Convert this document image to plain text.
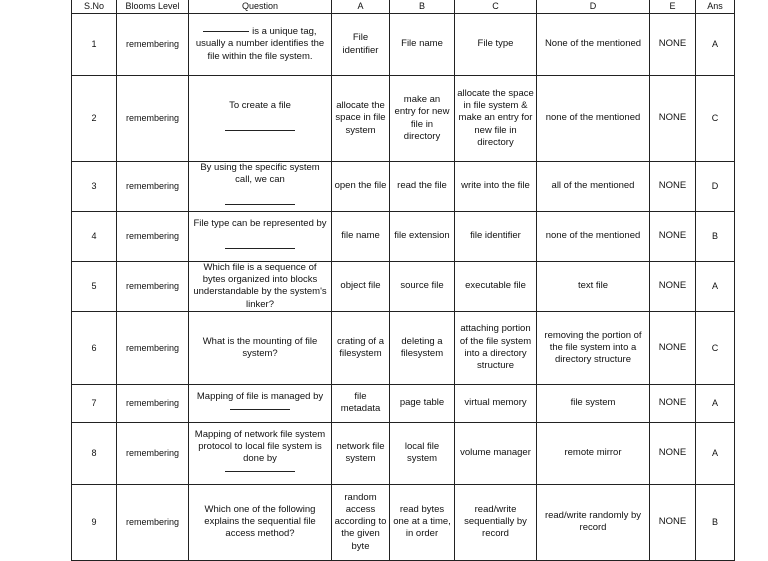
S.No	Blooms Level	Question	A	B	C	D	E	Ans
1	remembering	is a unique tag, usually a number identifies the file within the file system.	File identifier	File name	File type	None of the mentioned	NONE	A
2	remembering	To create a file	allocate the space in file system	make an entry for new file in directory	allocate the space in file system & make an entry for new file in directory	none of the mentioned	NONE	C
3	remembering	By using the specific system call, we can	open the file	read the file	write into the file	all of the mentioned	NONE	D
4	remembering	File type can be represented by	file name	file extension	file identifier	none of the mentioned	NONE	B
5	remembering	Which file is a sequence of bytes organized into blocks understandable by the system's linker?	object file	source file	executable file	text file	NONE	A
6	remembering	What is the mounting of file system?	crating of a filesystem	deleting a filesystem	attaching portion of the file system into a directory structure	removing the portion of the file system into a directory structure	NONE	C
7	remembering	Mapping of file is managed by	file metadata	page table	virtual memory	file system	NONE	A
8	remembering	Mapping of network file system protocol to local file system is done by	network file system	local file system	volume manager	remote mirror	NONE	A
9	remembering	Which one of the following explains the sequential file access method?	random access according to the given byte	read bytes one at a time, in order	read/write sequentially by record	read/write randomly by record	NONE	B
